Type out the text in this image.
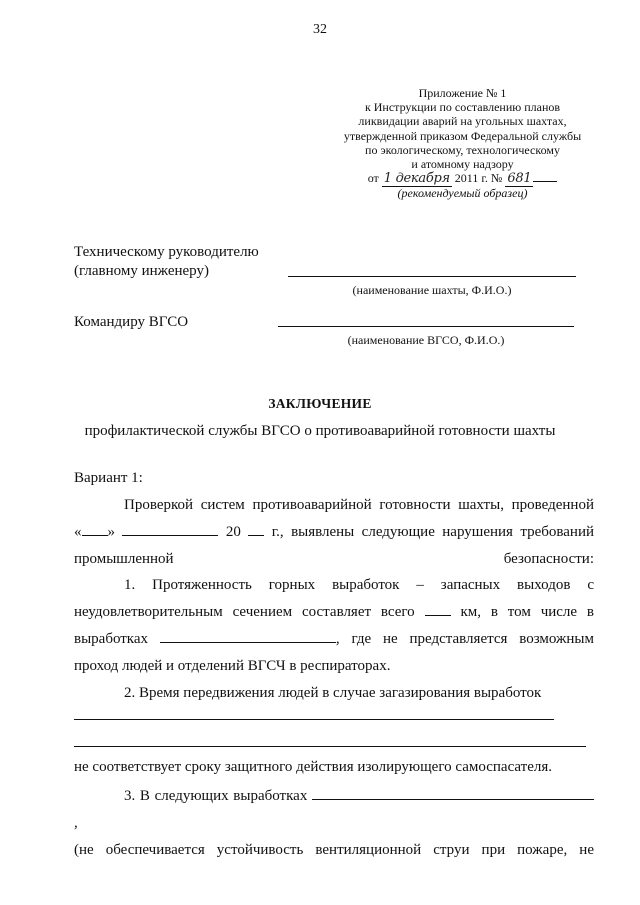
32
Приложение № 1
к Инструкции по составлению планов
ликвидации аварий на угольных шахтах,
утвержденной приказом Федеральной службы
по экологическому, технологическому
и атомному надзору
от 1 декабря 2011 г. № 681
(рекомендуемый образец)
Техническому руководителю
(главному инженеру)
(наименование шахты, Ф.И.О.)
Командиру ВГСО
(наименование ВГСО, Ф.И.О.)
ЗАКЛЮЧЕНИЕ
профилактической службы ВГСО о противоаварийной готовности шахты
Вариант 1:

Проверкой систем противоаварийной готовности шахты, проведенной

« »	20 г., выявлены следующие нарушения требований промышленной безопасности:

1. Протяженность горных выработок – запасных выходов с неудовлетворительным сечением составляет всего	км, в том числе в выработках	, где не представляется возможным проход людей и отделений ВГСЧ в респираторах.

2. Время передвижения людей в случае загазирования выработок

не соответствует сроку защитного действия изолирующего самоспасателя.

3. В следующих выработках ,

(не обеспечивается устойчивость вентиляционной струи при пожаре, не
